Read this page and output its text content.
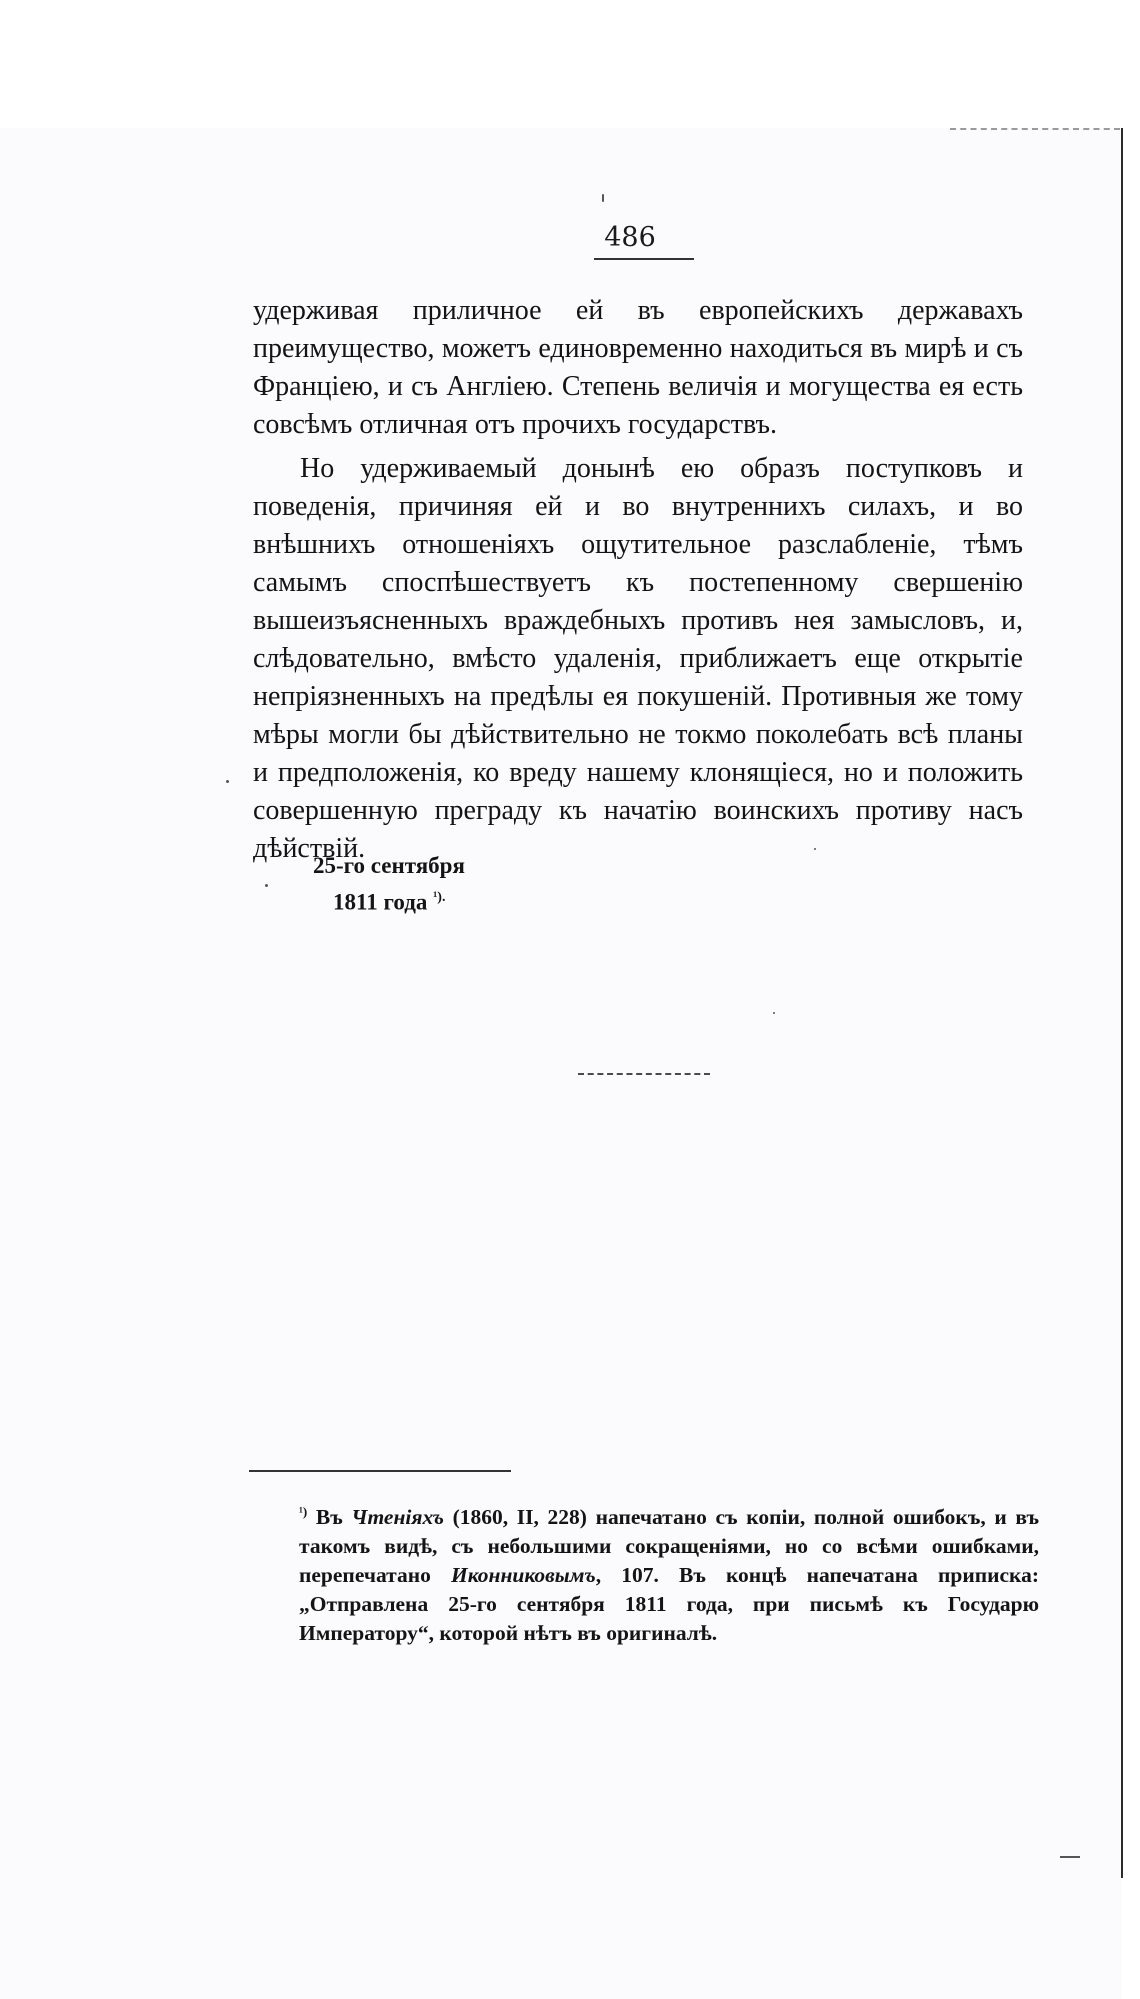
486

удерживая приличное ей въ европейскихъ державахъ преимущество, можетъ единовременно находиться въ мирѣ и съ Францiею, и съ Англiею. Степень величiя и могущества ея есть совсѣмъ отличная отъ прочихъ государствъ.

Но удерживаемый донынѣ ею образъ поступковъ и поведенiя, причиняя ей и во внутреннихъ силахъ, и во внѣшнихъ отношенiяхъ ощутительное разслабленiе, тѣмъ самымъ споспѣшествуетъ къ постепенному свершенiю вышеизъясненныхъ враждебныхъ противъ нея замысловъ, и, слѣдовательно, вмѣсто удаленiя, приближаетъ еще открытiе непрiязненныхъ на предѣлы ея покушенiй. Противныя же тому мѣры могли бы дѣйствительно не токмо поколебать всѣ планы и предположенiя, ко вреду нашему клонящiеся, но и положить совершенную преграду къ начатiю воинскихъ противу насъ дѣйствiй.

25-го сентября
1811 года $^{^1).}$
$^{^1)}$ Въ Чтенiяхъ (1860, II, 228) напечатано съ копiи, полной ошибокъ, и въ такомъ видѣ, съ небольшими сокращенiями, но со всѣми ошибками, перепечатано Иконниковымъ, 107. Въ концѣ напечатана приписка: „Отправлена 25-го сентября 1811 года, при письмѣ къ Государю Императору“, которой нѣтъ въ оригиналѣ.
